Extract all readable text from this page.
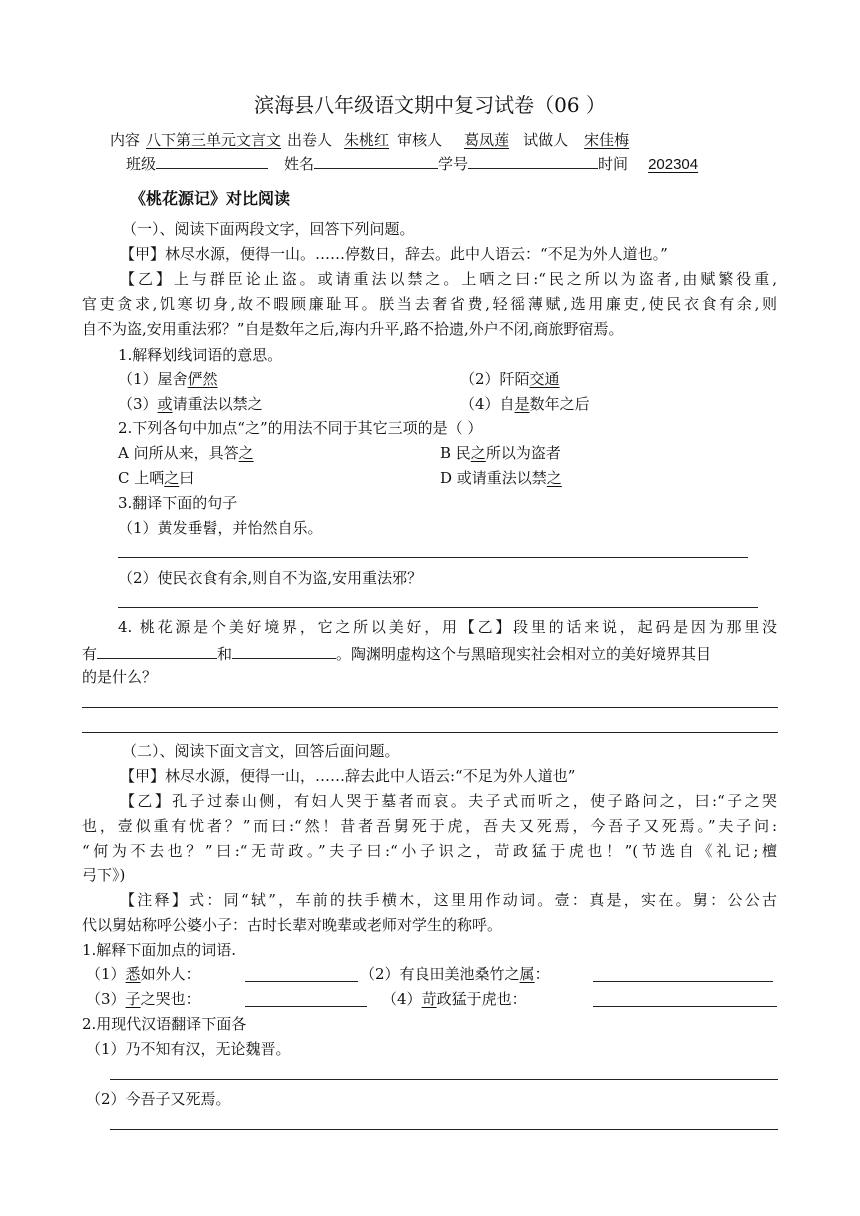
滨海县八年级语文期中复习试卷（06 ）
内容 八下第三单元文言文 出卷人 朱桃红 审核人 葛凤莲 试做人 宋佳梅
班级	姓名	学号	时间 202304
《桃花源记》对比阅读
（一）、阅读下面两段文字，回答下列问题。
【甲】林尽水源，便得一山。……停数日，辞去。此中人语云：“不足为外人道也。”
【乙】上与群臣论止盗。或请重法以禁之。上哂之曰:“民之所以为盗者,由赋繁役重,
官吏贪求,饥寒切身,故不暇顾廉耻耳。朕当去奢省费,轻徭薄赋,选用廉吏,使民衣食有余,则
自不为盗,安用重法邪？”自是数年之后,海内升平,路不拾遗,外户不闭,商旅野宿焉。
1.解释划线词语的意思。
（1）屋舍俨然	（2）阡陌交通
（3）或请重法以禁之	（4）自是数年之后
2.下列各句中加点“之”的用法不同于其它三项的是（ ）
A 问所从来，具答之	B 民之所以为盗者
C 上哂之曰	D 或请重法以禁之
3.翻译下面的句子
（1）黄发垂髫，并怡然自乐。
（2）使民衣食有余,则自不为盗,安用重法邪？
4. 桃花源是个美好境界，它之所以美好，用【乙】段里的话来说，起码是因为那里没
有	和	。陶渊明虚构这个与黑暗现实社会相对立的美好境界其目
的是什么？
（二）、阅读下面文言文，回答后面问题。
【甲】林尽水源，便得一山，……辞去此中人语云:“不足为外人道也”
【乙】孔子过泰山侧，有妇人哭于墓者而哀。夫子式而听之，使子路问之，曰:“子之哭
也，壹似重有忧者？”而曰:“然！昔者吾舅死于虎，吾夫又死焉，今吾子又死焉。”夫子问:
“何为不去也？”曰:“无苛政。”夫子曰:“小子识之，苛政猛于虎也！”(节选自《礼记;檀
弓下》)
【注释】式：同“轼”，车前的扶手横木，这里用作动词。壹：真是，实在。舅：公公古
代以舅姑称呼公婆小子：古时长辈对晚辈或老师对学生的称呼。
1.解释下面加点的词语.
（1）悉如外人：	（2）有良田美池桑竹之属：
（3）子之哭也：	（4）苛政猛于虎也：
2.用现代汉语翻译下面各
（1）乃不知有汉，无论魏晋。
（2）今吾子又死焉。
